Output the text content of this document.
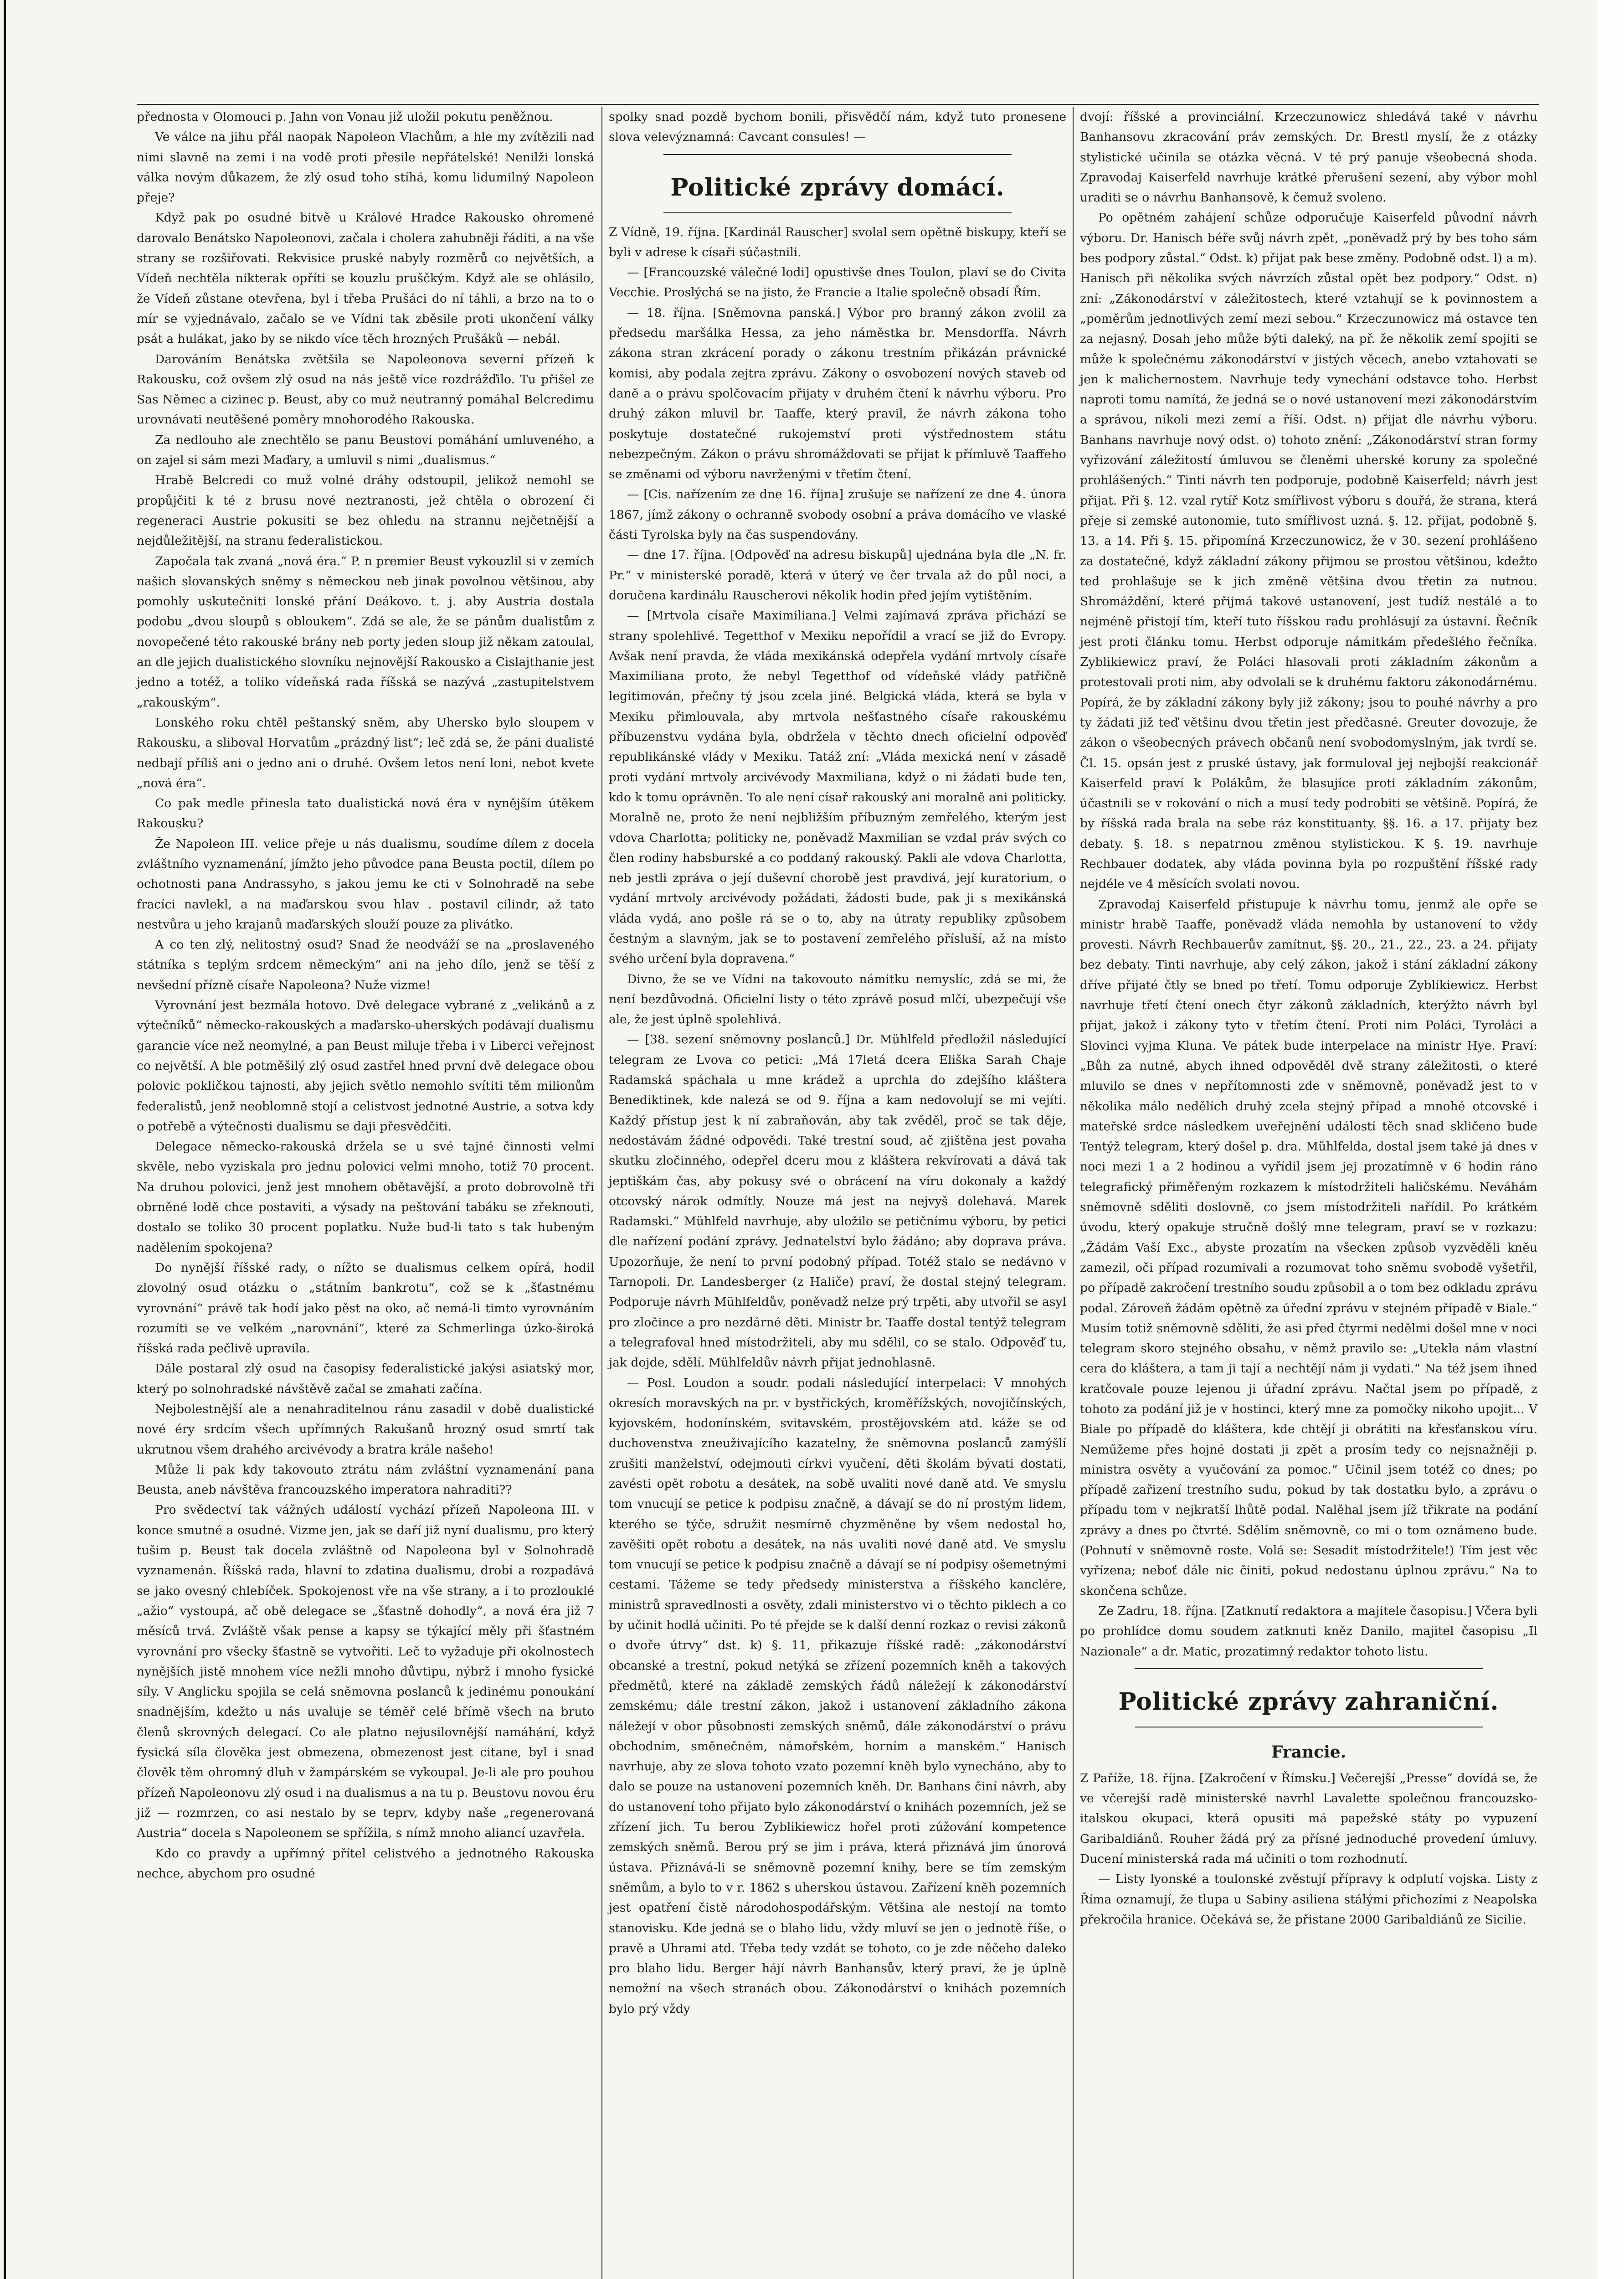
přednosta v Olomouci p. Jahn von Vonau již uložil pokutu peněžnou.

Ve válce na jihu přál naopak Napoleon Vlachům, a hle my zvítězili nad nimi slavně na zemi i na vodě proti přesile nepřátelské! Nenilži lonská válka novým důkazem, že zlý osud toho stíhá, komu lidumilný Napoleon přeje?

Když pak po osudné bitvě u Králové Hradce Rakousko ohromené darovalo Benátsko Napoleonovi, začala i cholera zahubněji řáditi, a na vše strany se rozšiřovati. Rekvisice pruské nabyly rozměrů co největších, a Vídeň nechtěla nikterak opříti se kouzlu pruščkým. Když ale se ohlásilo, že Vídeň zůstane otevřena, byl i třeba Prušáci do ní táhli, a brzo na to o mír se vyjednávalo, začalo se ve Vídni tak zběsile proti ukončení války psát a hulákat, jako by se nikdo více těch hrozných Prušáků — nebál.

Darováním Benátska zvětšila se Napoleonova severní přízeň k Rakousku, což ovšem zlý osud na nás ještě více rozdrážďilo. Tu přišel ze Sas Němec a cizinec p. Beust, aby co muž neutranný pomáhal Belcredimu urovnávati neutěšené poměry mnohorodého Rakouska.

Za nedlouho ale znechtělo se panu Beustovi pomáhání umluveného, a on zajel si sám mezi Maďary, a umluvil s nimi „dualismus.“

Hrabě Belcredi co muž volné dráhy odstoupil, jelikož nemohl se propůjčiti k té z brusu nové neztranosti, jež chtěla o obrození či regeneraci Austrie pokusiti se bez ohledu na strannu nejčetnější a nejdůležitější, na stranu federalistickou.

Započala tak zvaná „nová éra.“ P. n premier Beust vykouzlil si v zemích našich slovanských sněmy s německou neb jinak povolnou většinou, aby pomohly uskutečniti lonské přání Deákovo. t. j. aby Austria dostala podobu „dvou sloupů s obloukem“. Zdá se ale, že se pánům dualistům z novopečené této rakouské brány neb porty jeden sloup již někam zatoulal, an dle jejich dualistického slovníku nejnovější Rakousko a Cislajthanie jest jedno a totéž, a toliko vídeňská rada říšská se nazývá „zastupitelstvem „rakouským“.

Lonského roku chtěl peštanský sněm, aby Uhersko bylo sloupem v Rakousku, a sliboval Horvatům „prázdný list“; leč zdá se, že páni dualisté nedbají příliš ani o jedno ani o druhé. Ovšem letos není loni, nebot kvete „nová éra“.

Co pak medle přinesla tato dualistická nová éra v nynějším útěkem Rakousku?

Že Napoleon III. velice přeje u nás dualismu, soudíme dílem z docela zvláštního vyznamenání, jímžto jeho původce pana Beusta poctil, dílem po ochotnosti pana Andrassyho, s jakou jemu ke cti v Solnohradě na sebe fracíci navlekl, a na maďarskou svou hlav . postavil cilindr, až tato nestvůra u jeho krajanů maďarských slouží pouze za plivátko.

A co ten zlý, nelitostný osud? Snad že neodváží se na „proslaveného státníka s teplým srdcem německým“ ani na jeho dílo, jenž se těší z nevšední přízně císaře Napoleona? Nuže vizme!

Vyrovnání jest bezmála hotovo. Dvě delegace vybrané z „velikánů a z výtečníků“ německo-rakouských a maďarsko-uherských podávají dualismu garancie více než neomylné, a pan Beust miluje třeba i v Liberci veřejnost co největší. A ble potměšilý zlý osud zastřel hned první dvě delegace obou polovic pokličkou tajnosti, aby jejich světlo nemohlo svítiti těm milionům federalistů, jenž neoblomně stojí a celistvost jednotné Austrie, a sotva kdy o potřebě a výtečnosti dualismu se daji přesvědčiti.

Delegace německo-rakouská držela se u své tajné činnosti velmi skvěle, nebo vyziskala pro jednu polovici velmi mnoho, totiž 70 procent. Na druhou polovici, jenž jest mnohem obětavější, a proto dobrovolně tři obrněné lodě chce postaviti, a výsady na peštování tabáku se zřeknouti, dostalo se toliko 30 procent poplatku. Nuže bud-li tato s tak hubeným nadělením spokojena?

Do nynější říšské rady, o nížto se dualismus celkem opírá, hodil zlovolný osud otázku o „státním bankrotu“, což se k „šťastnému vyrovnání“ právě tak hodí jako pěst na oko, ač nemá-li timto vyrovnáním rozumíti se ve velkém „narovnání“, které za Schmerlinga úzko-široká říšská rada pečlivě upravila.

Dále postaral zlý osud na časopisy federalistické jakýsi asiatský mor, který po solnohradské návštěvě začal se zmahati začína.

Nejbolestnější ale a nenahraditelnou ránu zasadil v době dualistické nové éry srdcím všech upřímných Rakušanů hrozný osud smrtí tak ukrutnou všem drahého arcivévody a bratra krále našeho!

Může li pak kdy takovouto ztrátu nám zvláštní vyznamenání pana Beusta, aneb návštěva francouzského imperatora nahraditi??

Pro svědectví tak vážných událostí vychází přízeň Napoleona III. v konce smutné a osudné. Vizme jen, jak se daří již nyní dualismu, pro který tušim p. Beust tak docela zvláštně od Napoleona byl v Solnohradě vyznamenán. Říšská rada, hlavní to zdatina dualismu, drobí a rozpadává se jako ovesný chlebíček. Spokojenost vře na vše strany, a i to prozlouklé „ažio“ vystoupá, ač obě delegace se „šťastně dohodly“, a nová éra již 7 měsíců trvá. Zvláště však pense a kapsy se týkající měly při šťastném vyrovnání pro všecky šťastně se vytvořiti. Leč to vyžaduje při okolnostech nynějších jistě mnohem více nežli mnoho důvtipu, nýbrž i mnoho fysické síly. V Anglicku spojila se celá sněmovna poslanců k jedinému ponoukání snadnějším, kdežto u nás uvaluje se téměř celé břímě všech na bruto členů skrovných delegací. Co ale platno nejusilovnější namáhání, když fysická síla člověka jest obmezena, obmezenost jest citane, byl i snad člověk těm ohromný dluh v žampárském se vykoupal. Je-li ale pro pouhou přízeň Napoleonovu zlý osud i na dualismus a na tu p. Beustovu novou éru již — rozmrzen, co asi nestalo by se teprv, kdyby naše „regenerovaná Austria“ docela s Napoleonem se spřížila, s nímž mnoho aliancí uzavřela.

Kdo co pravdy a upřímný přítel celistvého a jednotného Rakouska nechce, abychom pro osudné

spolky snad pozdě bychom bonili, přisvědčí nám, když tuto pronesene slova velevýznamná: Cavcant consules! —

Politické zprávy domácí.

Z Vídně, 19. října. [Kardinál Rauscher] svolal sem opětně biskupy, kteří se byli v adrese k císaři súčastnili.

— [Francouzské válečné lodi] opustivše dnes Toulon, plaví se do Civita Vecchie. Proslýchá se na jisto, že Francie a Italie společně obsadí Řím.

— 18. října. [Sněmovna panská.] Výbor pro branný zákon zvolil za předsedu maršálka Hessa, za jeho náměstka br. Mensdorffa. Návrh zákona stran zkrácení porady o zákonu trestním přikázán právnické komisi, aby podala zejtra zprávu. Zákony o osvobození nových staveb od daně a o právu spolčovacím přijaty v druhém čtení k návrhu výboru. Pro druhý zákon mluvil br. Taaffe, který pravil, že návrh zákona toho poskytuje dostatečné rukojemství proti výstřednostem státu nebezpečným. Zákon o právu shromáždovati se přijat k přímluvě Taaffeho se změnami od výboru navrženými v třetím čtení.

— [Cis. nařízením ze dne 16. října] zrušuje se nařízení ze dne 4. února 1867, jímž zákony o ochranně svobody osobní a práva domácího ve vlaské části Tyrolska byly na čas suspendovány.

— dne 17. října. [Odpověď na adresu biskupů] ujednána byla dle „N. fr. Pr.“ v ministerské poradě, která v úterý ve čer trvala až do půl noci, a doručena kardinálu Rauscherovi několik hodin před jejím vytištěním.

— [Mrtvola císaře Maximiliana.] Velmi zajímavá zpráva přichází se strany spolehlivé. Tegetthof v Mexiku nepořídil a vrací se již do Evropy. Avšak není pravda, že vláda mexikánská odepřela vydání mrtvoly císaře Maximiliana proto, že nebyl Tegetthof od vídeňské vlády patřičně legitimován, přečny tý jsou zcela jiné. Belgická vláda, která se byla v Mexiku přimlouvala, aby mrtvola nešťastného císaře rakouskému příbuzenstvu vydána byla, obdržela v těchto dnech oficielní odpověď republikánské vlády v Mexiku. Tatáž zní: „Vláda mexická není v zásadě proti vydání mrtvoly arcivévody Maxmiliana, když o ni žádati bude ten, kdo k tomu oprávněn. To ale není císař rakouský ani moralně ani politicky. Moralně ne, proto že není nejbližším příbuzným zemřelého, kterým jest vdova Charlotta; politicky ne, poněvadž Maxmilian se vzdal práv svých co člen rodiny habsburské a co poddaný rakouský. Pakli ale vdova Charlotta, neb jestli zpráva o její duševní chorobě jest pravdivá, její kuratorium, o vydání mrtvoly arcivévody požádati, žádosti bude, pak ji s mexikánská vláda vydá, ano pošle rá se o to, aby na útraty republiky způsobem čestným a slavným, jak se to postavení zemřelého přísluší, až na místo svého určení byla dopravena.“

Divno, že se ve Vídni na takovouto námitku nemyslíc, zdá se mi, že není bezdůvodná. Oficielní listy o této zprávě posud mlčí, ubezpečují vše ale, že jest úplně spolehlivá.

— [38. sezení sněmovny poslanců.] Dr. Mühlfeld předložil následující telegram ze Lvova co petici: „Má 17letá dcera Eliška Sarah Chaje Radamská spáchala u mne krádež a uprchla do zdejšího kláštera Benediktinek, kde nalezá se od 9. října a kam nedovolují se mi vejíti. Každý přístup jest k ní zabraňován, aby tak zvěděl, proč se tak děje, nedostávám žádné odpovědi. Také trestní soud, ač zjištěna jest povaha skutku zločinného, odepřel dceru mou z kláštera rekvírovati a dává tak jeptiškám čas, aby pokusy své o obrácení na víru dokonaly a každý otcovský nárok odmítly. Nouze má jest na nejvyš dolehavá. Marek Radamski.“ Mühlfeld navrhuje, aby uložilo se petičnímu výboru, by petici dle nařízení podání zprávy. Jednatelství bylo žádáno; aby doprava práva. Upozorňuje, že není to první podobný případ. Totéž stalo se nedávno v Tarnopoli. Dr. Landesberger (z Haliče) praví, že dostal stejný telegram. Podporuje návrh Mühlfeldův, poněvadž nelze prý trpěti, aby utvořil se asyl pro zločince a pro nezdárné děti. Ministr br. Taaffe dostal tentýž telegram a telegrafoval hned místodržiteli, aby mu sdělil, co se stalo. Odpověď tu, jak dojde, sdělí. Mühlfeldův návrh přijat jednohlasně.

— Posl. Loudon a soudr. podali následující interpelaci: V mnohých okresích moravských na pr. v bystřických, kroměřížských, novojičínských, kyjovském, hodonínském, svitavském, prostějovském atd. káže se od duchovenstva zneuživajícího kazatelny, že sněmovna poslanců zamýšlí zrušiti manželství, odejmouti církvi vyučení, děti školám bývati dostati, zavésti opět robotu a desátek, na sobě uvaliti nové daně atd. Ve smyslu tom vnucují se petice k podpisu značně, a dávají se do ní prostým lidem, kterého se týče, sdružit nesmírně chyzměněne by všem nedostal ho, zavěšiti opět robotu a desátek, na nás uvaliti nové daně atd. Ve smyslu tom vnucují se petice k podpisu značně a dávají se ní podpisy ošemetnými cestami. Tážeme se tedy předsedy ministerstva a říšského kanclére, ministrů spravedlnosti a osvěty, zdali ministerstvo vi o těchto piklech a co by učinit hodlá učiniti. Po té přejde se k další denní rozkaz o revisi zákonů o dvoře útrvy“ dst. k) §. 11, přikazuje říšské radě: „zákonodárství obcanské a trestní, pokud netýká se zřízení pozemních kněh a takových předmětů, které na základě zemských řádů náležejí k zákonodárství zemskému; dále trestní zákon, jakož i ustanovení základního zákona náležejí v obor působnosti zemských sněmů, dále zákonodárství o právu obchodním, směnečném, námořském, horním a manském.“ Hanisch navrhuje, aby ze slova tohoto vzato pozemní kněh bylo vynecháno, aby to dalo se pouze na ustanovení pozemních kněh. Dr. Banhans činí návrh, aby do ustanovení toho přijato bylo zákonodárství o knihách pozemních, jež se zřízení jich. Tu berou Zyblikiewicz hořel proti zúžování kompetence zemských sněmů. Berou prý se jim i práva, která přiznává jim únorová ústava. Přiznává-li se sněmovně pozemní knihy, bere se tím zemským sněmům, a bylo to v r. 1862 s uherskou ústavou. Zařízení kněh pozemních jest opatření čistě národohospodářským. Většina ale nestojí na tomto stanovisku. Kde jedná se o blaho lidu, vždy mluví se jen o jednotě říše, o pravě a Uhrami atd. Třeba tedy vzdát se tohoto, co je zde něčeho daleko pro blaho lidu. Berger hájí návrh Banhansův, který praví, že je úplně nemožní na všech stranách obou. Zákonodárství o knihách pozemních bylo prý vždy

dvojí: říšské a provinciální. Krzeczunowicz shledává také v návrhu Banhansovu zkracování práv zemských. Dr. Brestl myslí, že z otázky stylistické učinila se otázka věcná. V té prý panuje všeobecná shoda. Zpravodaj Kaiserfeld navrhuje krátké přerušení sezení, aby výbor mohl uraditi se o návrhu Banhansově, k čemuž svoleno.

Po opětném zahájení schůze odporučuje Kaiserfeld původní návrh výboru. Dr. Hanisch béře svůj návrh zpět, „poněvadž prý by bes toho sám bes podpory zůstal.“ Odst. k) přijat pak bese změny. Podobně odst. l) a m). Hanisch při několika svých návrzích zůstal opět bez podpory.“ Odst. n) zní: „Zákonodárství v záležitostech, které vztahují se k povinnostem a „poměrům jednotlivých zemí mezi sebou.“ Krzeczunowicz má ostavce ten za nejasný. Dosah jeho může býti daleký, na př. že několik zemí spojiti se může k společnému zákonodárství v jistých věcech, anebo vztahovati se jen k malichernostem. Navrhuje tedy vynechání odstavce toho. Herbst naproti tomu namítá, že jedná se o nové ustanovení mezi zákonodárstvím a správou, nikoli mezi zemí a říší. Odst. n) přijat dle návrhu výboru. Banhans navrhuje nový odst. o) tohoto znění: „Zákonodárství stran formy vyřizování záležitostí úmluvou se členěmi uherské koruny za společné prohlášených.“ Tinti návrh ten podporuje, podobně Kaiserfeld; návrh jest přijat. Při §. 12. vzal rytíř Kotz smířlivost výboru s douřá, že strana, která přeje si zemské autonomie, tuto smířlivost uzná. §. 12. přijat, podobně §. 13. a 14. Při §. 15. připomíná Krzeczunowicz, že v 30. sezení prohlášeno za dostatečné, když základní zákony přijmou se prostou většinou, kdežto ted prohlašuje se k jich změně většina dvou třetin za nutnou. Shromáždění, které přijmá takové ustanovení, jest tudíž nestálé a to nejméně přistojí tím, kteří tuto říšskou radu prohlásují za ústavní. Řečník jest proti článku tomu. Herbst odporuje námitkám předešlého řečníka. Zyblikiewicz praví, že Poláci hlasovali proti základním zákonům a protestovali proti nim, aby odvolali se k druhému faktoru zákonodárnému. Popírá, že by základní zákony byly již zákony; jsou to pouhé návrhy a pro ty žádati již teď většinu dvou třetin jest předčasné. Greuter dovozuje, že zákon o všeobecných právech občanů není svobodomyslným, jak tvrdí se. Čl. 15. opsán jest z pruské ústavy, jak formuloval jej nejbojší reakcionář Kaiserfeld praví k Polákům, že blasujíce proti základním zákonům, účastnili se v rokování o nich a musí tedy podrobiti se většině. Popírá, že by říšská rada brala na sebe ráz konstituanty. §§. 16. a 17. přijaty bez debaty. §. 18. s nepatrnou změnou stylistickou. K §. 19. navrhuje Rechbauer dodatek, aby vláda povinna byla po rozpuštění říšské rady nejdéle ve 4 měsících svolati novou.

Zpravodaj Kaiserfeld přistupuje k návrhu tomu, jenmž ale opře se ministr hrabě Taaffe, poněvadž vláda nemohla by ustanovení to vždy provesti. Návrh Rechbauerův zamítnut, §§. 20., 21., 22., 23. a 24. přijaty bez debaty. Tinti navrhuje, aby celý zákon, jakož i stání základní zákony dříve přijaté čtly se bned po třetí. Tomu odporuje Zyblikiewicz. Herbst navrhuje třetí čtení onech čtyr zákonů základních, kterýžto návrh byl přijat, jakož i zákony tyto v třetím čtení. Proti nim Poláci, Tyroláci a Slovinci vyjma Kluna. Ve pátek bude interpelace na ministr Hye. Praví: „Bůh za nutné, abych ihned odpověděl dvě strany záležitosti, o které mluvilo se dnes v nepřítomnosti zde v sněmovně, poněvadž jest to v několika málo nedělích druhý zcela stejný případ a mnohé otcovské i mateřské srdce následkem uveřejnění událostí těch snad skličeno bude Tentýž telegram, který došel p. dra. Mühlfelda, dostal jsem také já dnes v noci mezi 1 a 2 hodinou a vyřídil jsem jej prozatímně v 6 hodin ráno telegrafický přiměřeným rozkazem k místodržiteli haličskému. Neváhám sněmovně sděliti doslovně, co jsem místodržiteli nařídil. Po krátkém úvodu, který opakuje stručně došlý mne telegram, praví se v rozkazu: „Žádám Vaší Exc., abyste prozatím na všecken způsob vyzvěděli kněu zamezil, oči případ rozumivali a rozumovat toho sněmu svobodě vyšetřil, po případě zakročení trestního soudu způsobil a o tom bez odkladu zprávu podal. Zároveň žádám opětně za úřední zprávu v stejném případě v Biale.“ Musím totiž sněmovně sděliti, že asi před čtyrmi nedělmi došel mne v noci telegram skoro stejného obsahu, v němž pravilo se: „Utekla nám vlastní cera do kláštera, a tam ji tají a nechtějí nám ji vydati.“ Na též jsem ihned kratčovale pouze lejenou ji úřadní zprávu. Načtal jsem po případě, z tohoto za podání již je v hostinci, který mne za pomočky nikoho upojit... V Biale po případě do kláštera, kde chtějí ji obrátiti na křesťanskou víru. Neműžeme přes hojné dostati ji zpět a prosím tedy co nejsnažněji p. ministra osvěty a vyučování za pomoc.“ Učinil jsem totéž co dnes; po případě zařizení trestního sudu, pokud by tak dostatku bylo, a zprávu o případu tom v nejkratší lhůtě podal. Nalěhal jsem jíž třikrate na podání zprávy a dnes po čtvrté. Sdělím sněmovně, co mi o tom oznámeno bude. (Pohnutí v sněmovně roste. Volá se: Sesadit místodržitele!) Tím jest věc vyřízena; neboť dále nic činiti, pokud nedostanu úplnou zprávu.“ Na to skončena schůze.

Ze Zadru, 18. října. [Zatknutí redaktora a majitele časopisu.] Včera byli po prohlídce domu soudem zatknuti kněz Danilo, majitel časopisu „Il Nazionale“ a dr. Matic, prozatimný redaktor tohoto listu.

Politické zprávy zahraniční.
Francie.

Z Paříže, 18. října. [Zakročení v Římsku.] Večerejší „Presse“ dovídá se, že ve včerejší radě ministerské navrhl Lavalette společnou francouzsko-italskou okupaci, která opusiti má papežské státy po vypuzení Garibaldiánů. Rouher žádá prý za přísné jednoduché provedení úmluvy. Ducení ministerská rada má učiniti o tom rozhodnutí.

— Listy lyonské a toulonské zvěstují přípravy k odplutí vojska. Listy z Říma oznamují, že tlupa u Sabiny asiliena stálými přichozími z Neapolska překročila hranice. Očekává se, že přistane 2000 Garibaldiánů ze Sicilie.
